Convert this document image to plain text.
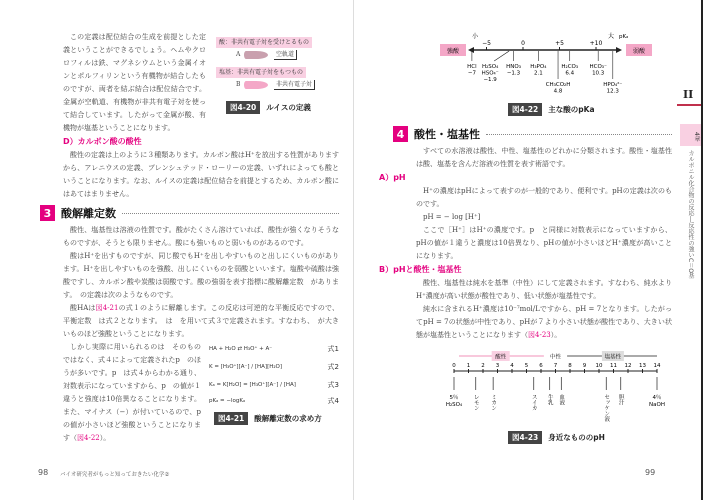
酸：非共有電子対を受けとるもの
A	空軌道
塩基：非共有電子対をもつもの
B	非共有電子対
図4-20	ルイスの定義

この定義は配位結合の生成を前提とした定義ということができるでしょう。ヘムやクロロフィルは鉄、マグネシウムという金属イオンとポルフィリンという有機物が結合したものですが、両者を結ぶ結合は配位結合です。金属が空軌道、有機物が非共有電子対を使って結合しています。したがって金属が酸、有機物が塩基ということになります。

D）カルボン酸の酸性

酸性の定義は上のように３種類あります。カルボン酸はH⁺を放出する性質がありますから、アレニウスの定義、ブレンシュテッド・ローリーの定義、いずれによっても酸ということになります。なお、ルイスの定義は配位結合を前提とするため、カルボン酸にはあてはまりません。

3 酸解離定数

酸性、塩基性は溶液の性質です。酸がたくさん溶けていれば、酸性が強くなりそうなものですが、そうとも限りません。酸にも強いものと弱いものがあるのです。

酸はH⁺を出すものですが、同じ酸でもH⁺を出しやすいものと出しにくいものがあります。H⁺を出しやすいものを強酸、出しにくいものを弱酸といいます。塩酸や硫酸は強酸ですし、カルボン酸や炭酸は弱酸です。酸の強弱を表す指標に酸解離定数　があります。　の定義は次のようなものです。

酸HAは図4-21の式１のように解離します。この反応は可逆的な平衡反応ですので、平衡定数　は式２となります。　は　を用いて式３で定義されます。すなわち、　が大きいものほど強酸ということになります。

HA + H₂O ⇄ H₃O⁺ + A⁻	式1
K = [H₃O⁺][A⁻] / [HA][H₂O]	式2
Kₐ = K[H₂O] = [H₃O⁺][A⁻] / [HA]	式3
pKₐ = −logKₐ	式4
図4-21	酸解離定数の求め方

しかし実際に用いられるのは　そのものではなく、式４によって定義されたp　のほうが多いです。p　は式４からわかる通り、対数表示になっていますから、p　の値が１違うと強度は10倍異なることになります。また、マイナス（−）が付いているので、p　の値が小さいほど強酸ということになります（図4-22）。

98 バイオ研究者がもっと知っておきたい化学②
強酸	弱酸
小	大 pKₐ
−5	0	+5	+10
HCl
−7
H₂SO₄
HSO₄⁻
−1.9
HNO₃
−1.3
H₃PO₄
2.1
CH₃CO₂H
4.8
H₂CO₃
6.4
HCO₃⁻
10.3
HPO₄²⁻
12.3
図4-22	主な酸のpKa
4 酸性・塩基性

すべての水溶液は酸性、中性、塩基性のどれかに分類されます。酸性・塩基性は酸、塩基を含んだ溶液の性質を表す術語です。

A）pH

H⁺の濃度はpHによって表すのが一般的であり、便利です。pHの定義は次のものです。

pH = − log [H⁺]

ここで［H⁺］はH⁺の濃度です。p　と同様に対数表示になっていますから、pHの値が１違うと濃度は10倍異なり、pHの値が小さいほどH⁺濃度が高いことになります。

B）pHと酸性・塩基性

酸性、塩基性は純水を基準（中性）にして定義されます。すなわち、純水よりH⁺濃度が高い状態が酸性であり、低い状態が塩基性です。

純水に含まれるH⁺濃度は10⁻⁷mol/Lですから、pH = 7となります。したがってpH = 7の状態が中性であり、pHが７より小さい状態が酸性であり、大きい状態が塩基性ということになります（図4-23）。

酸性	中性	塩基性
0 1 2 3 4 5 6 7 8 9 10 11 12 13 14
5％
H₂SO₄ レモン ミカン	スイカ 牛乳 血液	セッケン液 胆汁	4％
NaOH
図4-23	身近なもののpH
II
4章
カルボニル化合物の反応―反応性の強いC＝O基
99
